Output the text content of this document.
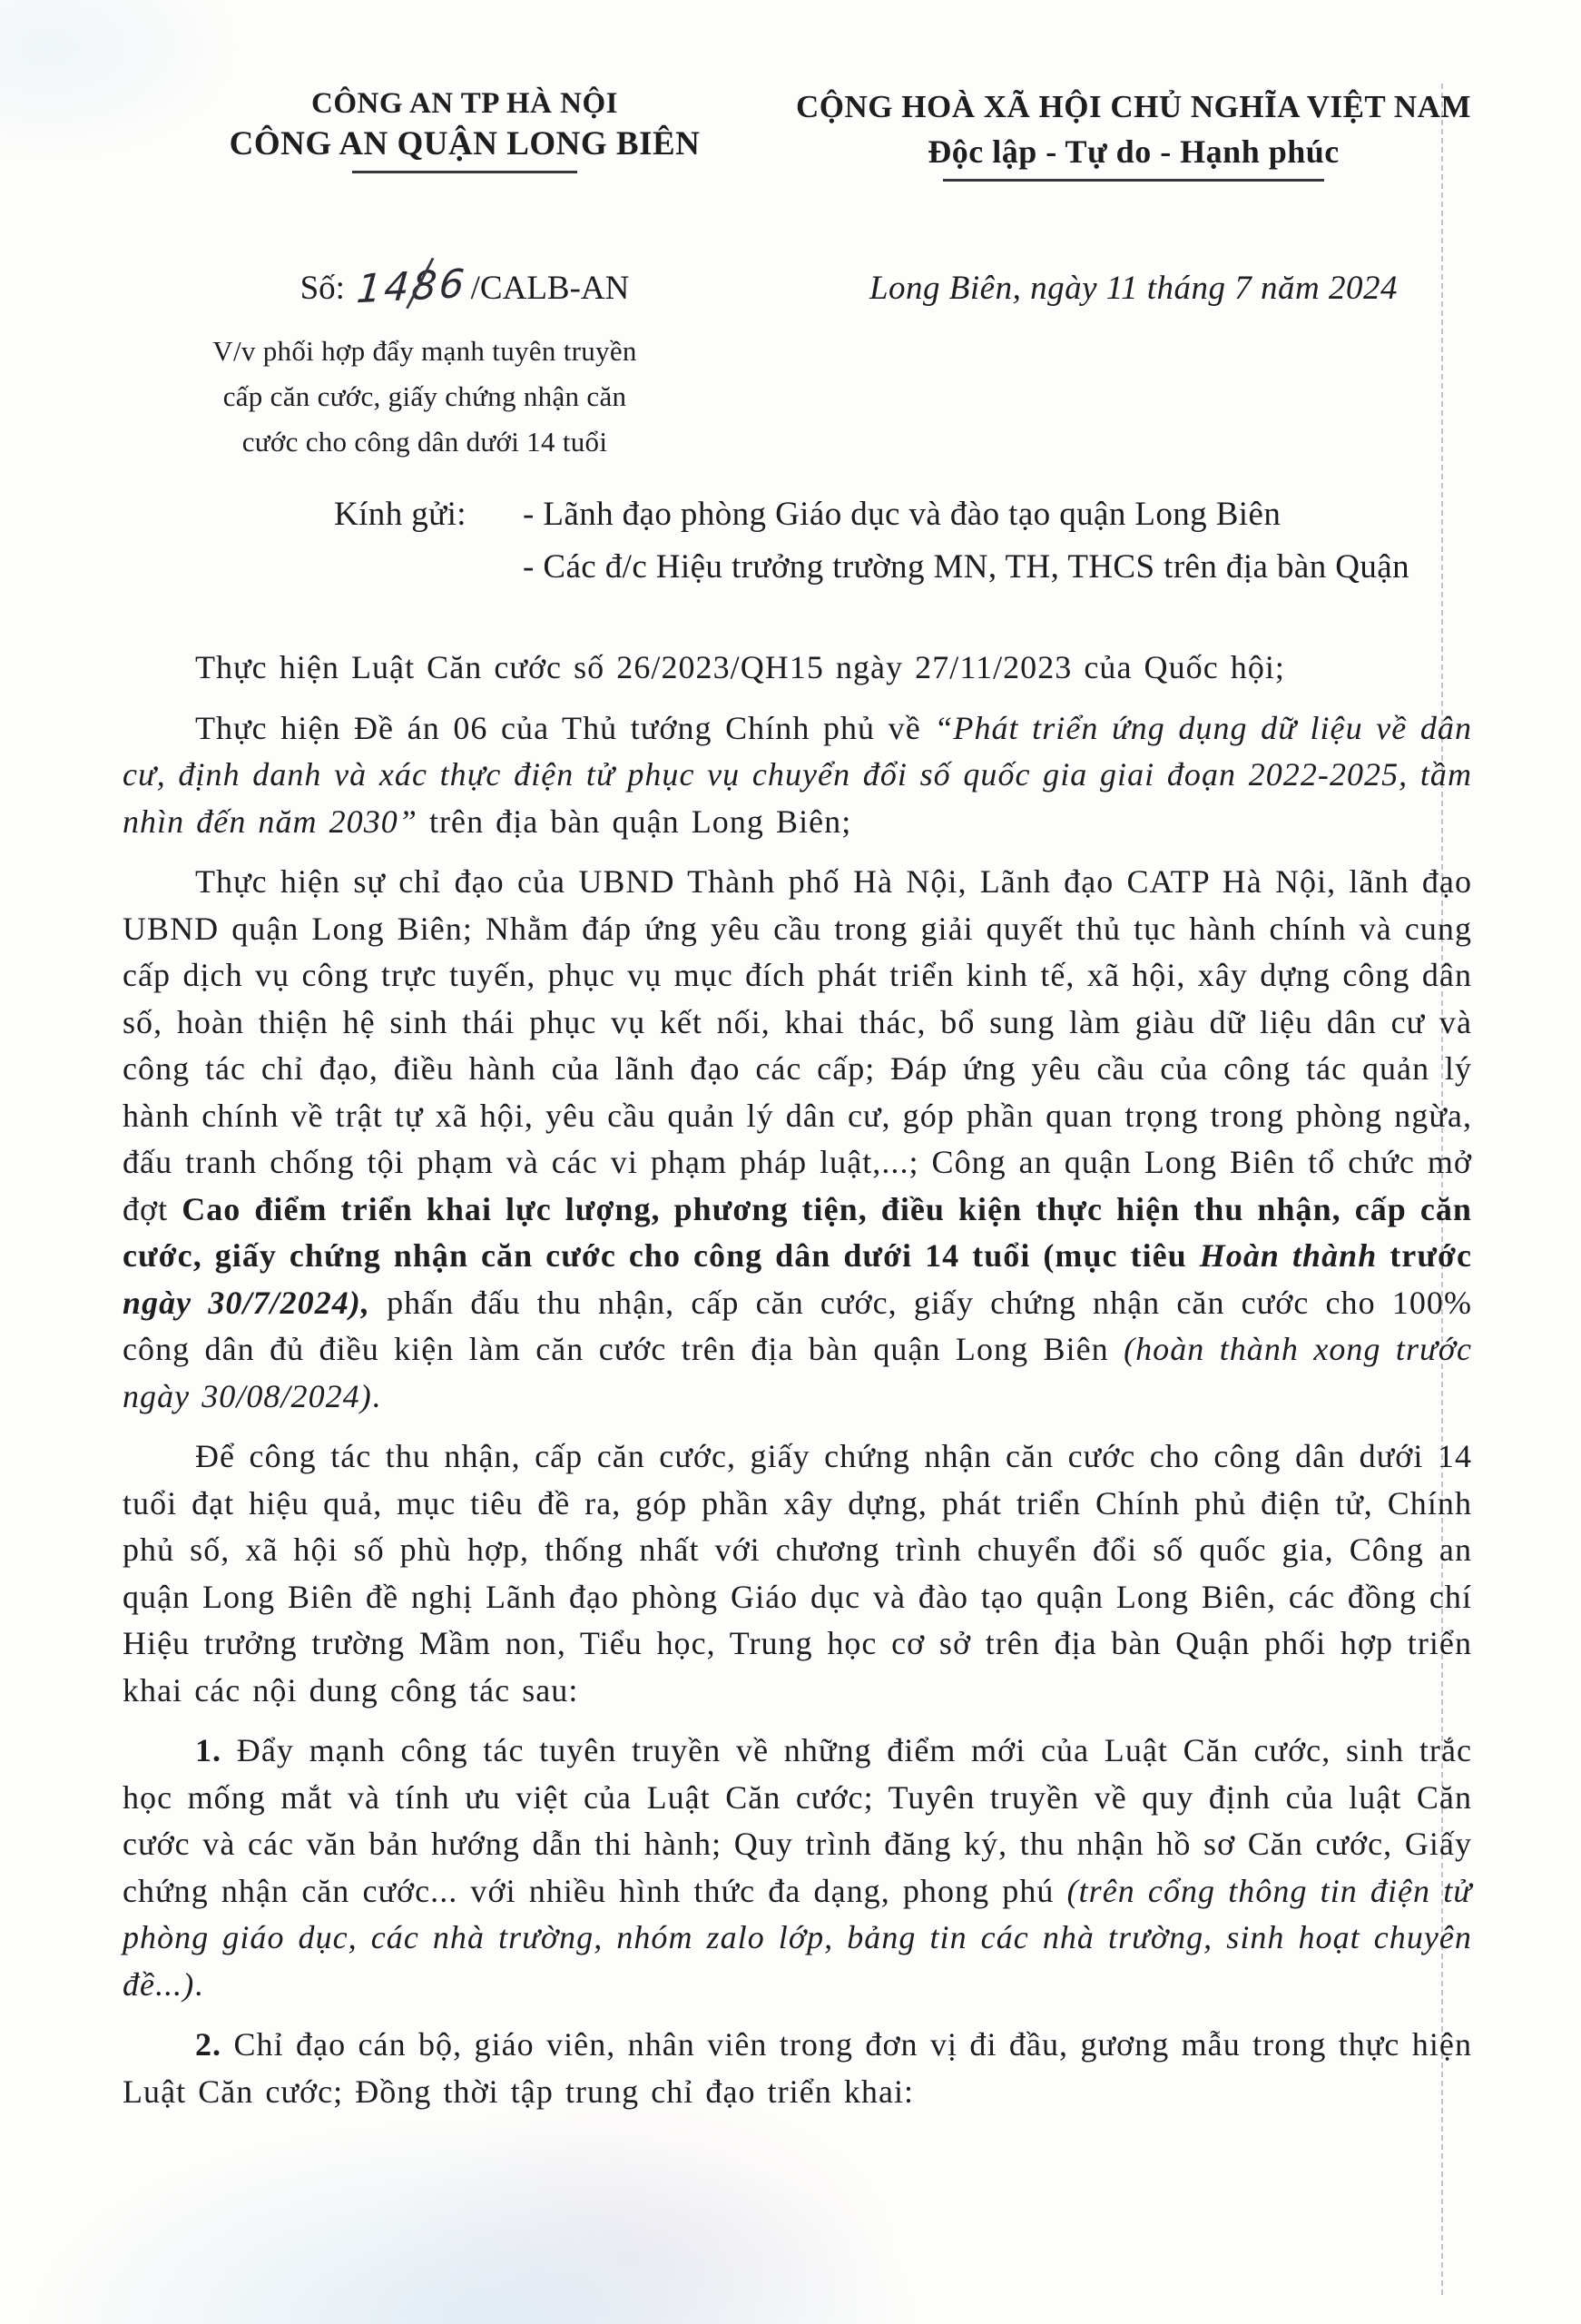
CÔNG AN TP HÀ NỘI
CÔNG AN QUẬN LONG BIÊN
CỘNG HOÀ XÃ HỘI CHỦ NGHĨA VIỆT NAM
Độc lập - Tự do - Hạnh phúc
Số: 1486
/CALB-AN
V/v phối hợp đẩy mạnh tuyên truyền
cấp căn cước, giấy chứng nhận căn
cước cho công dân dưới 14 tuổi
Long Biên, ngày 11 tháng 7 năm 2024
Kính gửi: - Lãnh đạo phòng Giáo dục và đào tạo quận Long Biên
- Các đ/c Hiệu trưởng trường MN, TH, THCS trên địa bàn Quận

Thực hiện Luật Căn cước số 26/2023/QH15 ngày 27/11/2023 của Quốc hội;

Thực hiện Đề án 06 của Thủ tướng Chính phủ về “Phát triển ứng dụng dữ liệu về dân cư, định danh và xác thực điện tử phục vụ chuyển đổi số quốc gia giai đoạn 2022-2025, tầm nhìn đến năm 2030” trên địa bàn quận Long Biên;

Thực hiện sự chỉ đạo của UBND Thành phố Hà Nội, Lãnh đạo CATP Hà Nội, lãnh đạo UBND quận Long Biên; Nhằm đáp ứng yêu cầu trong giải quyết thủ tục hành chính và cung cấp dịch vụ công trực tuyến, phục vụ mục đích phát triển kinh tế, xã hội, xây dựng công dân số, hoàn thiện hệ sinh thái phục vụ kết nối, khai thác, bổ sung làm giàu dữ liệu dân cư và công tác chỉ đạo, điều hành của lãnh đạo các cấp; Đáp ứng yêu cầu của công tác quản lý hành chính về trật tự xã hội, yêu cầu quản lý dân cư, góp phần quan trọng trong phòng ngừa, đấu tranh chống tội phạm và các vi phạm pháp luật,...; Công an quận Long Biên tổ chức mở đợt Cao điểm triển khai lực lượng, phương tiện, điều kiện thực hiện thu nhận, cấp căn cước, giấy chứng nhận căn cước cho công dân dưới 14 tuổi (mục tiêu Hoàn thành trước ngày 30/7/2024), phấn đấu thu nhận, cấp căn cước, giấy chứng nhận căn cước cho 100% công dân đủ điều kiện làm căn cước trên địa bàn quận Long Biên (hoàn thành xong trước ngày 30/08/2024).

Để công tác thu nhận, cấp căn cước, giấy chứng nhận căn cước cho công dân dưới 14 tuổi đạt hiệu quả, mục tiêu đề ra, góp phần xây dựng, phát triển Chính phủ điện tử, Chính phủ số, xã hội số phù hợp, thống nhất với chương trình chuyển đổi số quốc gia, Công an quận Long Biên đề nghị Lãnh đạo phòng Giáo dục và đào tạo quận Long Biên, các đồng chí Hiệu trưởng trường Mầm non, Tiểu học, Trung học cơ sở trên địa bàn Quận phối hợp triển khai các nội dung công tác sau:

1. Đẩy mạnh công tác tuyên truyền về những điểm mới của Luật Căn cước, sinh trắc học mống mắt và tính ưu việt của Luật Căn cước; Tuyên truyền về quy định của luật Căn cước và các văn bản hướng dẫn thi hành; Quy trình đăng ký, thu nhận hồ sơ Căn cước, Giấy chứng nhận căn cước... với nhiều hình thức đa dạng, phong phú (trên cổng thông tin điện tử phòng giáo dục, các nhà trường, nhóm zalo lớp, bảng tin các nhà trường, sinh hoạt chuyên đề...).

2. Chỉ đạo cán bộ, giáo viên, nhân viên trong đơn vị đi đầu, gương mẫu trong thực hiện Luật Căn cước; Đồng thời tập trung chỉ đạo triển khai:
